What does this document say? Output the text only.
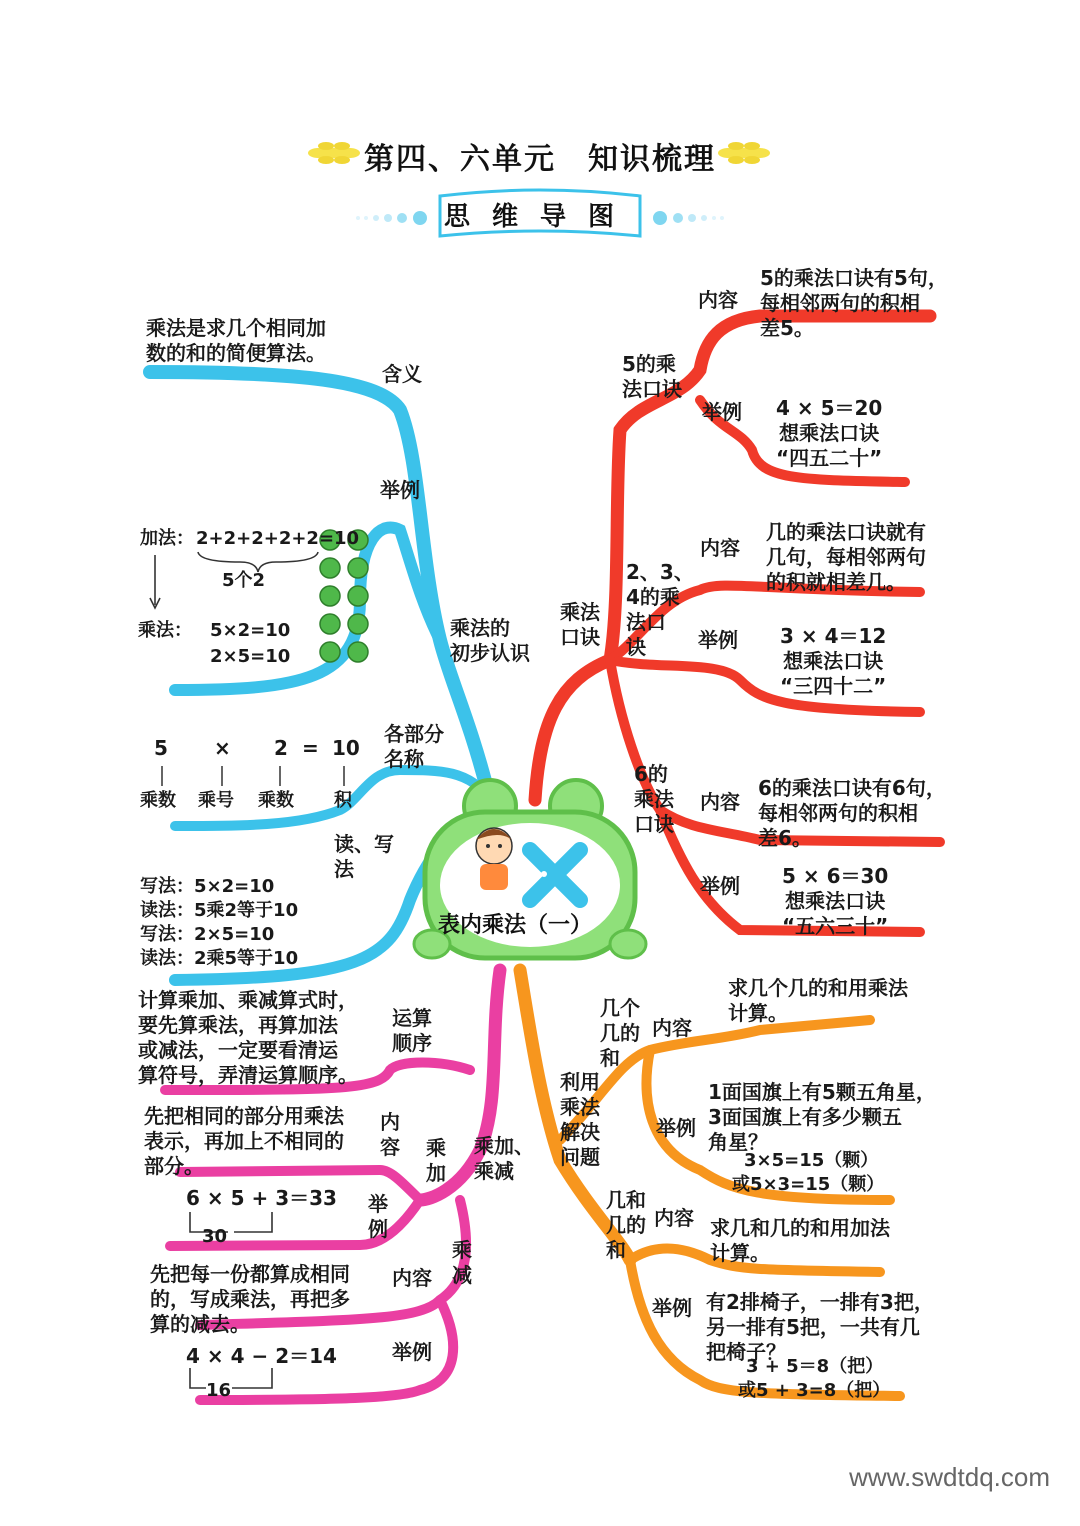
第四、六单元　知识梳理
思维导图
表内乘法（一）
乘法的
初步认识
含义
乘法是求几个相同加
数的和的简便算法。
举例
加法： 2+2+2+2+2=10
5个2
乘法： 5×2=10
2×5=10
各部分
名称
5 × 2 = 10
乘数 乘号 乘数 积
读、写
法
写法：5×2=10
读法：5乘2等于10
写法：2×5=10
读法：2乘5等于10
乘法
口诀
5的乘
法口诀
内容
5的乘法口诀有5句，
每相邻两句的积相
差5。
举例 4 × 5＝20
想乘法口诀
“四五二十”
2、3、
4的乘
法口
诀
内容
几的乘法口诀就有
几句，每相邻两句
的积就相差几。
举例 3 × 4＝12
想乘法口诀
“三四十二”
6的
乘法
口诀
内容
6的乘法口诀有6句，
每相邻两句的积相
差6。
举例 5 × 6＝30
想乘法口诀
“五六三十”
乘加、
乘减
运算
顺序
计算乘加、乘减算式时，
要先算乘法，再算加法
或减法，一定要看清运
算符号，弄清运算顺序。
乘
加
内
容
先把相同的部分用乘法
表示，再加上不相同的
部分。
举
例
6 × 5 + 3＝33
30
乘
减
内容
先把每一份都算成相同
的，写成乘法，再把多
算的减去。
举例
4 × 4 − 2＝14
16
利用
乘法
解决
问题
几个
几的
和
内容
求几个几的和用乘法
计算。
举例
1面国旗上有5颗五角星，
3面国旗上有多少颗五
角星？
3×5=15（颗）
或5×3=15（颗）
几和
几的
和
内容 求几和几的和用加法
计算。
举例 有2排椅子，一排有3把，
另一排有5把，一共有几
把椅子？
3 + 5＝8（把）
或5 + 3=8（把）
www.swdtdq.com
